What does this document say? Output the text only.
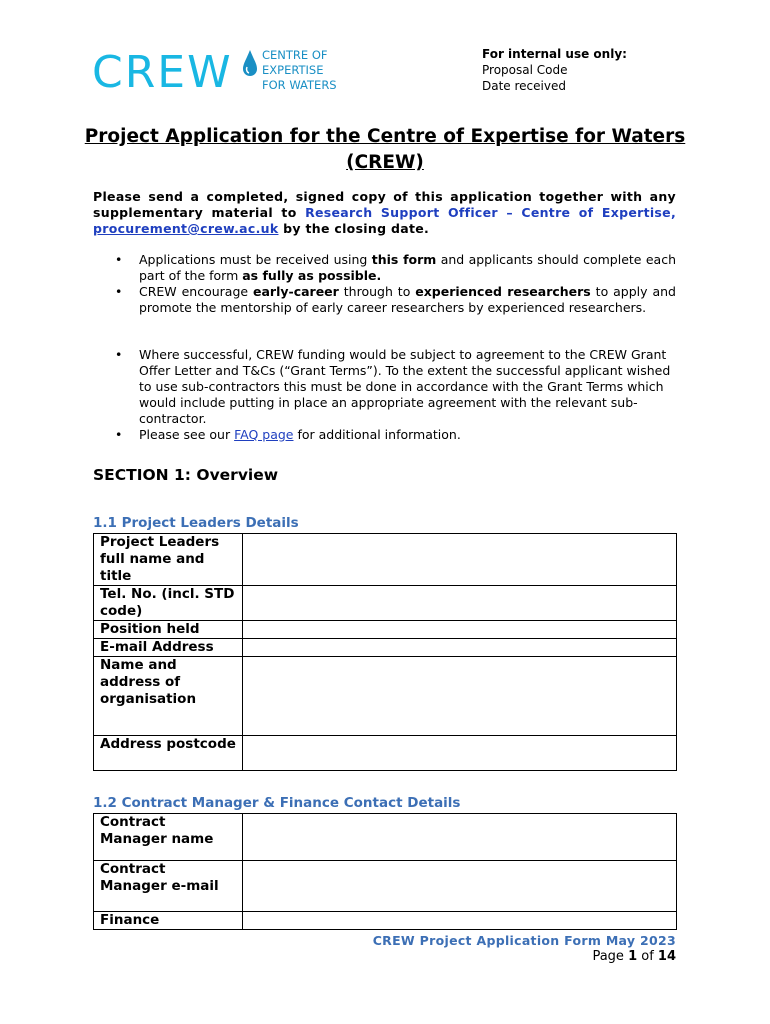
CREW	CENTRE OF
EXPERTISE
FOR WATERS
For internal use only:
Proposal Code
Date received
Project Application for the Centre of Expertise for Waters (CREW)
Please send a completed, signed copy of this application together with any supplementary material to Research Support Officer – Centre of Expertise, procurement@crew.ac.uk by the closing date.
• Applications must be received using this form and applicants should complete each part of the form as fully as possible.
• CREW encourage early-career through to experienced researchers to apply and promote the mentorship of early career researchers by experienced researchers.
• Where successful, CREW funding would be subject to agreement to the CREW Grant Offer Letter and T&Cs (“Grant Terms”). To the extent the successful applicant wished to use sub-contractors this must be done in accordance with the Grant Terms which would include putting in place an appropriate agreement with the relevant sub-contractor.
• Please see our FAQ page for additional information.
SECTION 1: Overview
1.1 Project Leaders Details
Project Leaders full name and title	
Tel. No. (incl. STD code)	
Position held	
E-mail Address	
Name and address of organisation	
Address postcode	
1.2 Contract Manager & Finance Contact Details
Contract Manager name	
Contract Manager e-mail	
Finance	
CREW Project Application Form May 2023
Page 1 of 14
